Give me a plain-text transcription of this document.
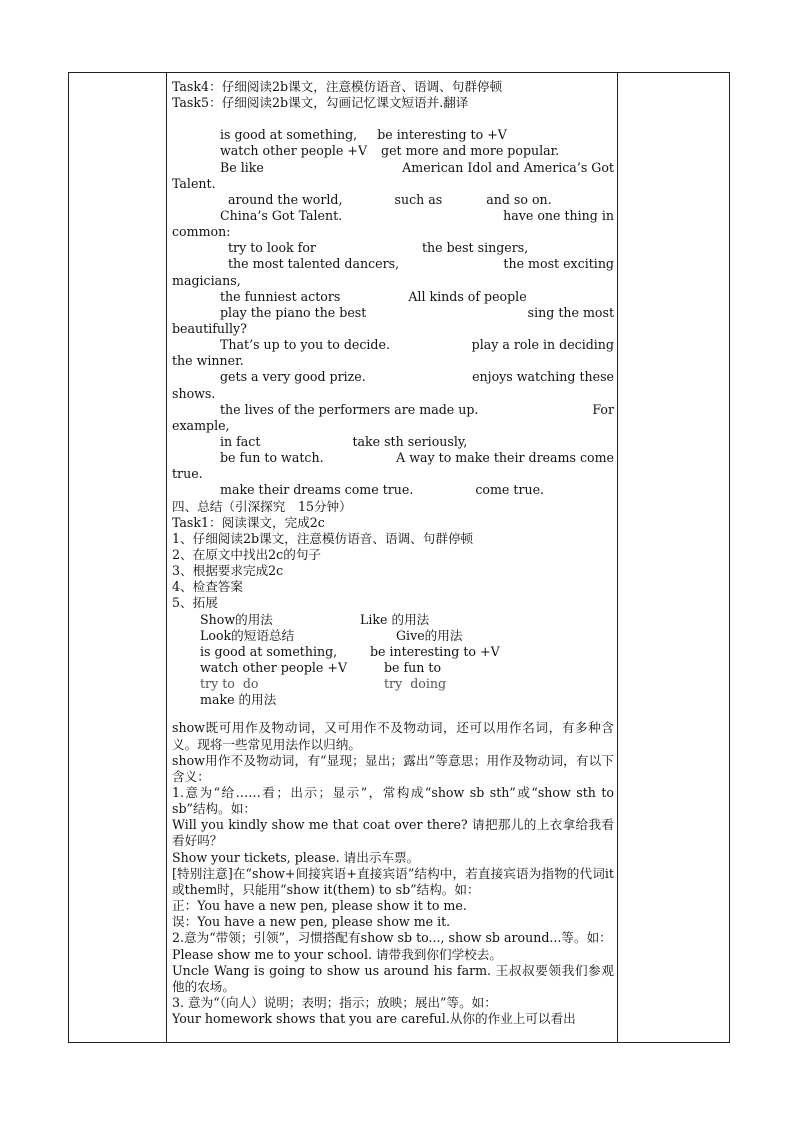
Task4：仔细阅读2b课文，注意模仿语音、语调、句群停顿
Task5：仔细阅读2b课文，勾画记忆课文短语并.翻译
is good at something, be interesting to +V
watch other people +V get more and more popular.
Be like	American Idol and America’s Got
Talent.
around the world,	such as	and so on.
China’s Got Talent.	have one thing in
common:
try to look for	the best singers,
the most talented dancers,	the most exciting
magicians,
the funniest actors	All kinds of people
play the piano the best	sing the most
beautifully?
That’s up to you to decide.	play a role in deciding
the winner.
gets a very good prize.	enjoys watching these
shows.
the lives of the performers are made up.	For
example,
in fact	take sth seriously,
be fun to watch.	A way to make their dreams come
true.
make their dreams come true.	come true.
四、总结（引深探究　15分钟）
Task1：阅读课文，完成2c
1、仔细阅读2b课文，注意模仿语音、语调、句群停顿
2、在原文中找出2c的句子
3、根据要求完成2c
4、检查答案
5、拓展
Show的用法	Like 的用法
Look的短语总结	Give的用法
is good at something,	be interesting to +V
watch other people +V	be fun to
try to  do	try  doing
make 的用法
show既可用作及物动词，又可用作不及物动词，还可以用作名词，有多种含义。现将一些常见用法作以归纳。
show用作不及物动词，有“显现；显出；露出”等意思；用作及物动词，有以下含义：
1.意为“给……看；出示；显示”，常构成“show sb sth”或“show sth to sb”结构。如：
Will you kindly show me that coat over there? 请把那儿的上衣拿给我看看好吗？
Show your tickets, please. 请出示车票。
[特别注意]在“show+间接宾语+直接宾语”结构中，若直接宾语为指物的代词it或them时，只能用“show it(them) to sb”结构。如：
正：You have a new pen, please show it to me.
误：You have a new pen, please show me it.
2.意为“带领；引领”，习惯搭配有show sb to..., show sb around...等。如：
Please show me to your school. 请带我到你们学校去。
Uncle Wang is going to show us around his farm. 王叔叔要领我们参观他的农场。
3. 意为“（向人）说明；表明；指示；放映；展出”等。如：
Your homework shows that you are careful.从你的作业上可以看出
